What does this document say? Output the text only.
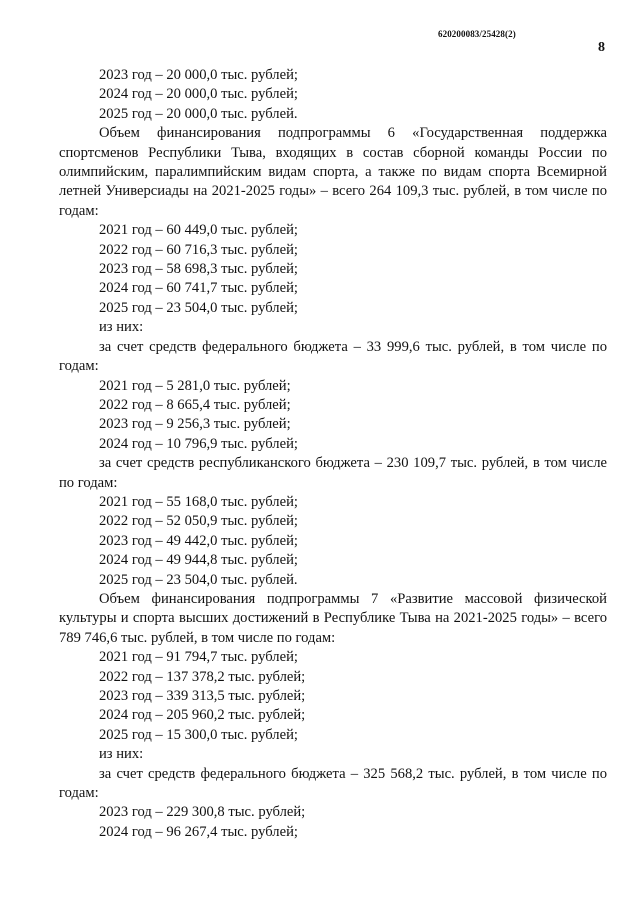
620200083/25428(2)
8

2023 год – 20 000,0 тыс. рублей;

2024 год – 20 000,0 тыс. рублей;

2025 год – 20 000,0 тыс. рублей.

Объем финансирования подпрограммы 6 «Государственная поддержка спортсменов Республики Тыва, входящих в состав сборной команды России по олимпийским, паралимпийским видам спорта, а также по видам спорта Всемирной летней Универсиады на 2021-2025 годы» – всего 264 109,3 тыс. рублей, в том числе по годам:

2021 год – 60 449,0 тыс. рублей;

2022 год – 60 716,3 тыс. рублей;

2023 год – 58 698,3 тыс. рублей;

2024 год – 60 741,7 тыс. рублей;

2025 год – 23 504,0 тыс. рублей;

из них:

за счет средств федерального бюджета – 33 999,6 тыс. рублей, в том числе по годам:

2021 год – 5 281,0 тыс. рублей;

2022 год – 8 665,4 тыс. рублей;

2023 год – 9 256,3 тыс. рублей;

2024 год – 10 796,9 тыс. рублей;

за счет средств республиканского бюджета – 230 109,7 тыс. рублей, в том числе по годам:

2021 год – 55 168,0 тыс. рублей;

2022 год – 52 050,9 тыс. рублей;

2023 год – 49 442,0 тыс. рублей;

2024 год – 49 944,8 тыс. рублей;

2025 год – 23 504,0 тыс. рублей.

Объем финансирования подпрограммы 7 «Развитие массовой физической культуры и спорта высших достижений в Республике Тыва на 2021-2025 годы» – всего 789 746,6 тыс. рублей, в том числе по годам:

2021 год – 91 794,7 тыс. рублей;

2022 год – 137 378,2 тыс. рублей;

2023 год – 339 313,5 тыс. рублей;

2024 год – 205 960,2 тыс. рублей;

2025 год – 15 300,0 тыс. рублей;

из них:

за счет средств федерального бюджета – 325 568,2 тыс. рублей, в том числе по годам:

2023 год – 229 300,8 тыс. рублей;

2024 год – 96 267,4 тыс. рублей;
